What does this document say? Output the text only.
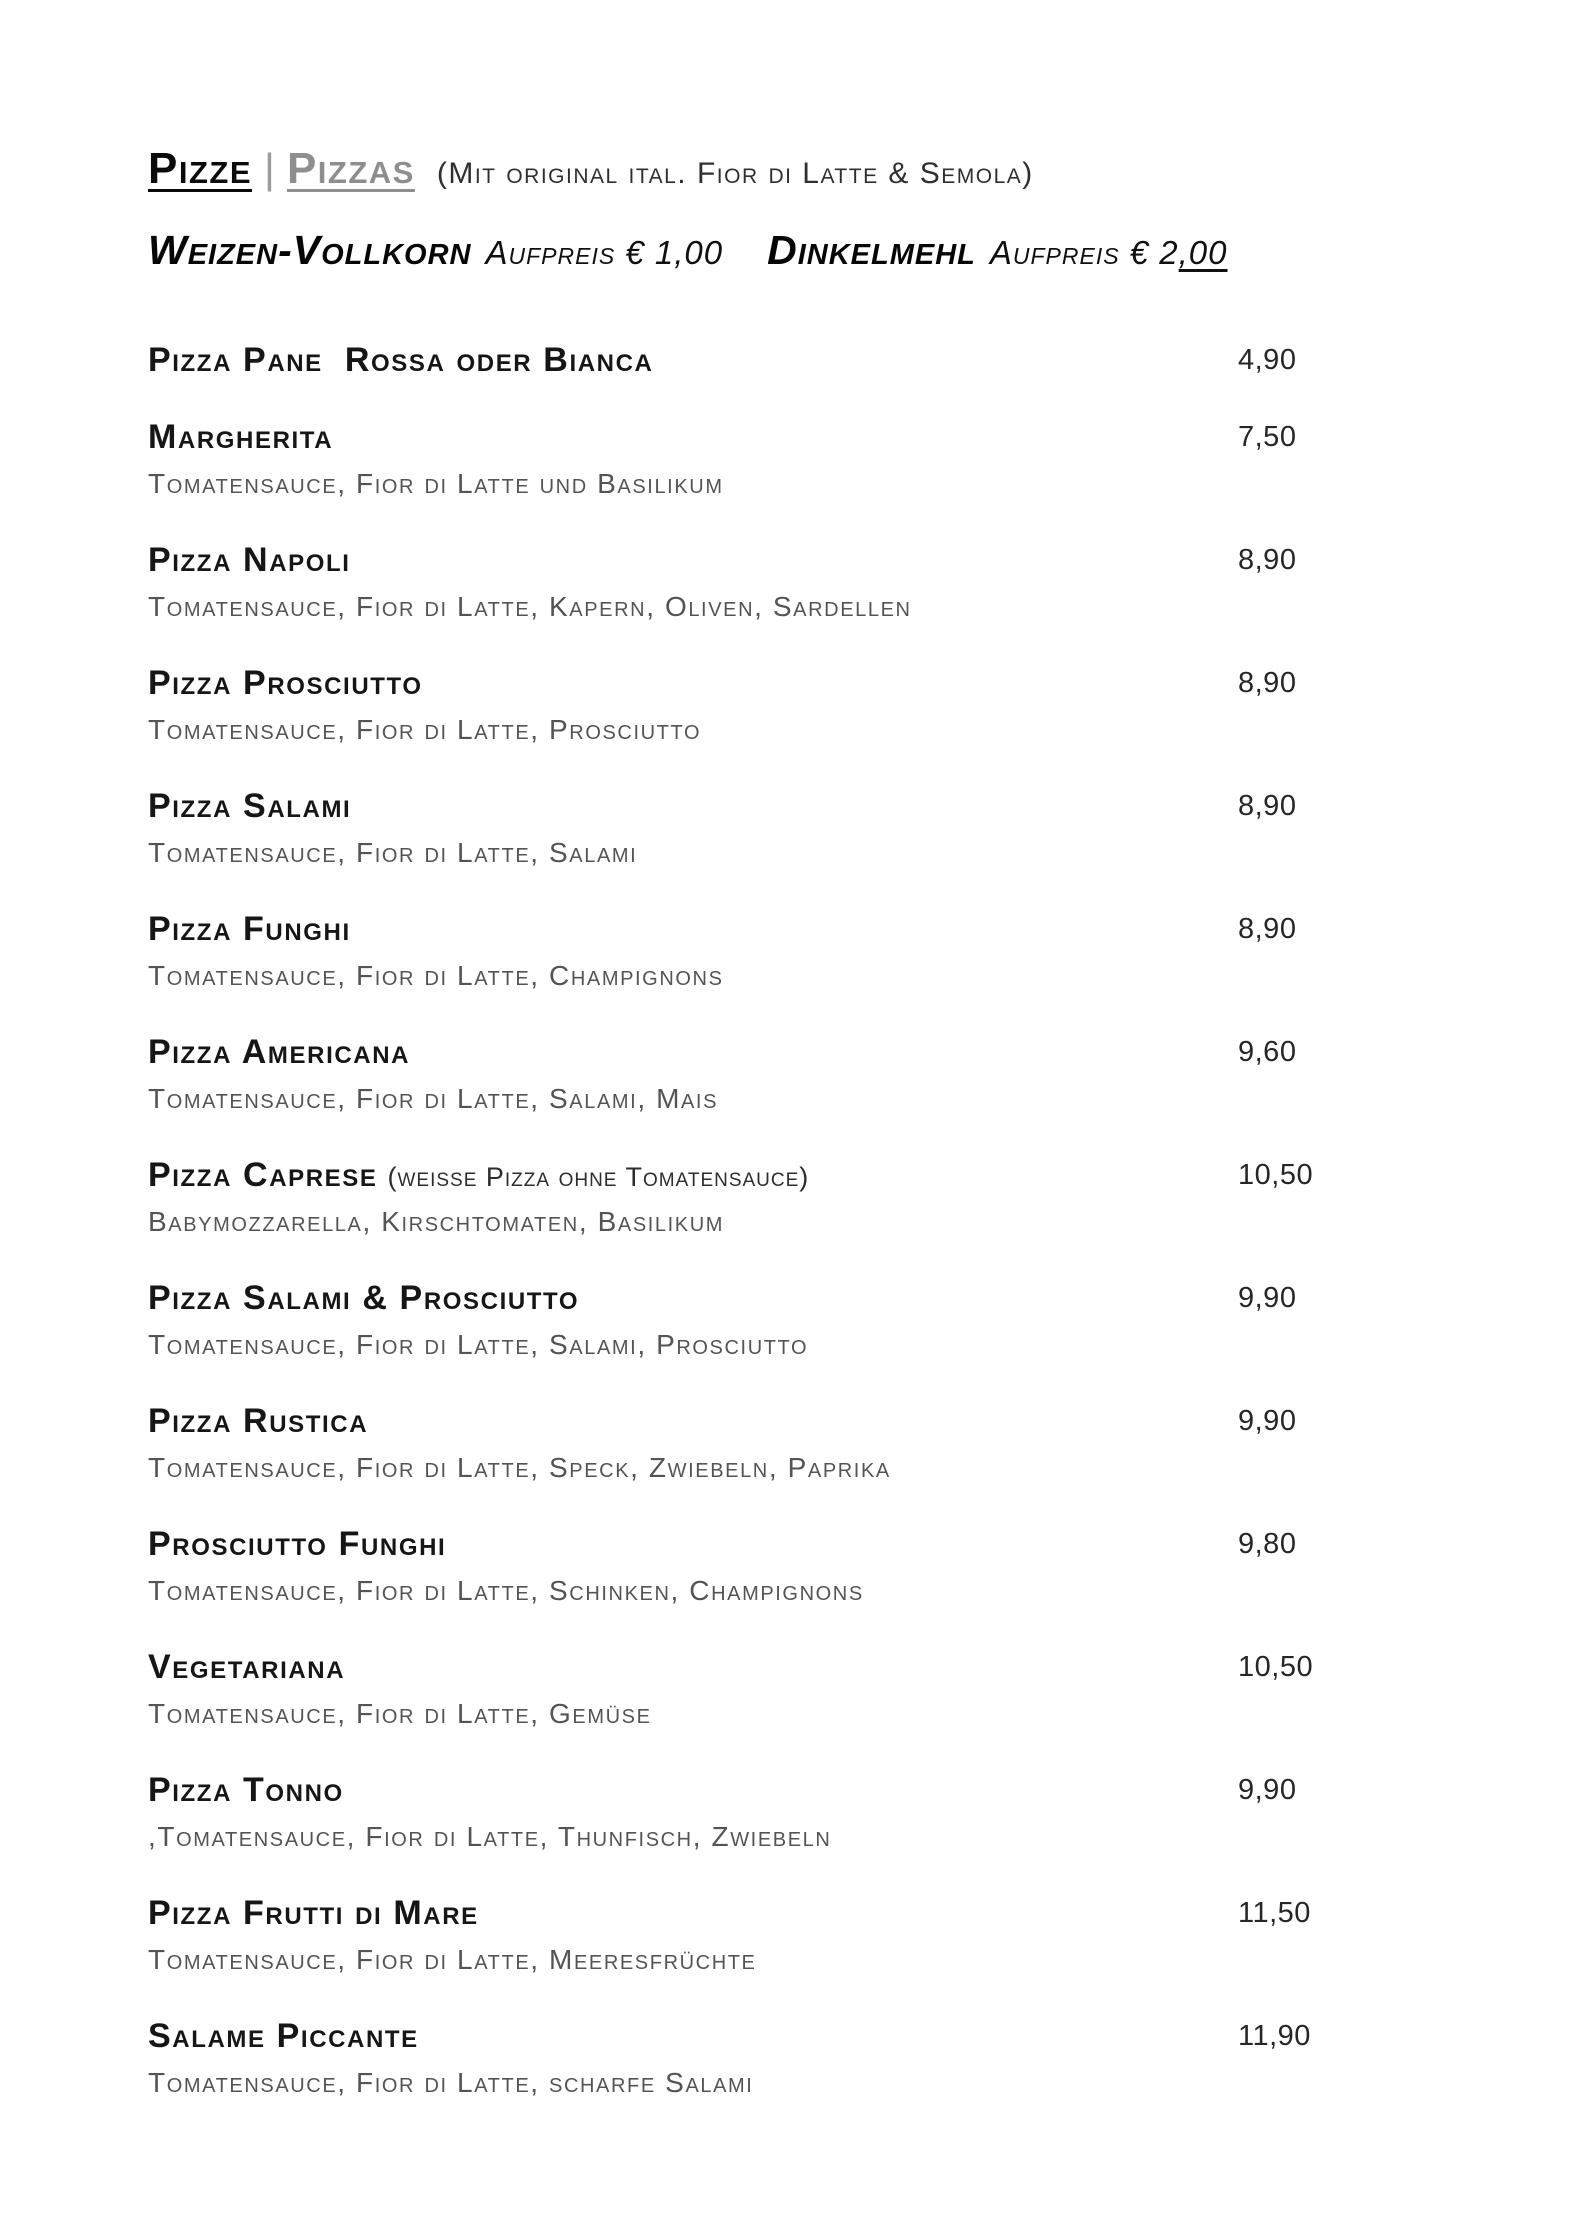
Pizze | Pizzas (Mit original ital. Fior di Latte & Semola)
Weizen-Vollkorn Aufpreis € 1,00 Dinkelmehl Aufpreis € 2,00
Pizza Pane  Rossa oder Bianca	4,90
Margherita	7,50
Tomatensauce, Fior di Latte und Basilikum
Pizza Napoli	8,90
Tomatensauce, Fior di Latte, Kapern, Oliven, Sardellen
Pizza Prosciutto	8,90
Tomatensauce, Fior di Latte, Prosciutto
Pizza Salami	8,90
Tomatensauce, Fior di Latte, Salami
Pizza Funghi	8,90
Tomatensauce, Fior di Latte, Champignons
Pizza Americana	9,60
Tomatensauce, Fior di Latte, Salami, Mais
Pizza Caprese (weisse Pizza ohne Tomatensauce)	10,50
Babymozzarella, Kirschtomaten, Basilikum
Pizza Salami & Prosciutto	9,90
Tomatensauce, Fior di Latte, Salami, Prosciutto
Pizza Rustica	9,90
Tomatensauce, Fior di Latte, Speck, Zwiebeln, Paprika
Prosciutto Funghi	9,80
Tomatensauce, Fior di Latte, Schinken, Champignons
Vegetariana	10,50
Tomatensauce, Fior di Latte, Gemüse
Pizza Tonno	9,90
,Tomatensauce, Fior di Latte, Thunfisch, Zwiebeln
Pizza Frutti di Mare	11,50
Tomatensauce, Fior di Latte, Meeresfrüchte
Salame Piccante	11,90
Tomatensauce, Fior di Latte, scharfe Salami
